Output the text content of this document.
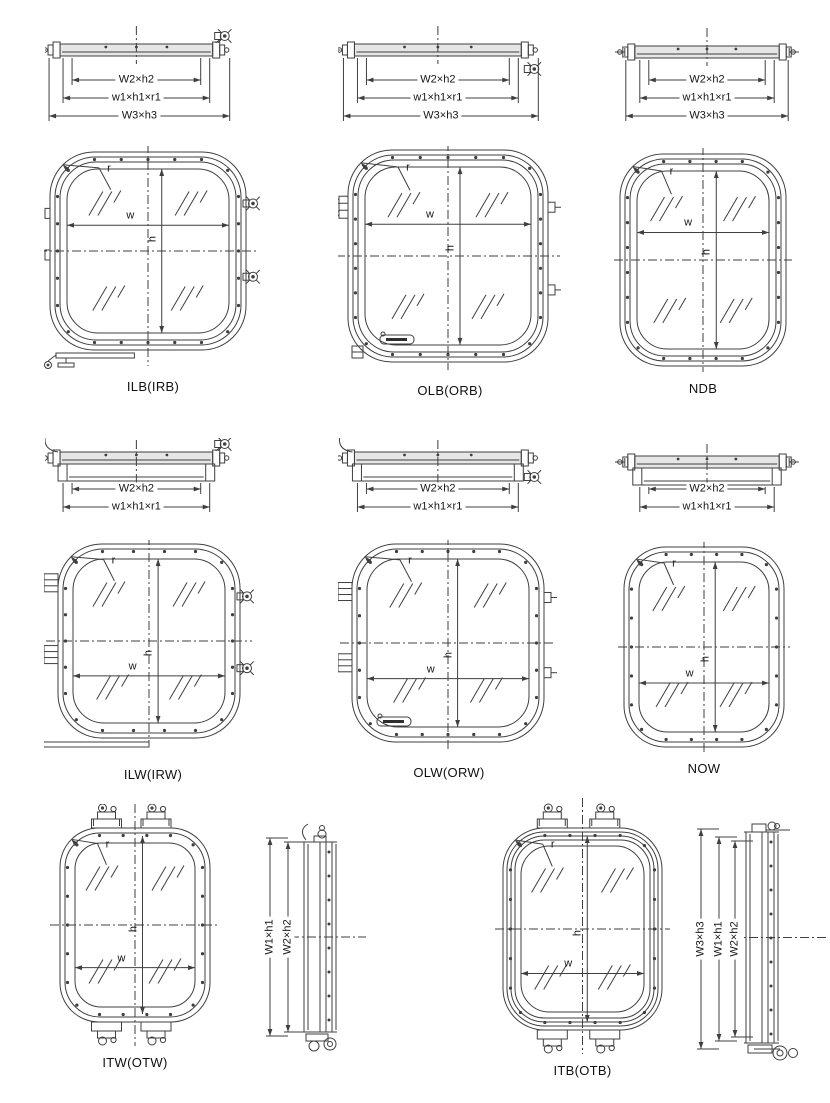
W2×h2
w1×h1×r1
W3×h3
W2×h2
w1×h1×r1
W3×h3
W2×h2
w1×h1×r1
W3×h3
w
h
r
ILB(IRB)
w
h
r
OLB(ORB)
w
h
r
NDB
W2×h2
w1×h1×r1
W2×h2
w1×h1×r1
W2×h2
w1×h1×r1
w
h
r
ILW(IRW)
w
h
r
OLW(ORW)
w
h
r
NOW
w
h
r
ITW(OTW)
W1×h1 W2×h2
w
h
r
ITB(OTB)
W3×h3 W1×h1 W2×h2
